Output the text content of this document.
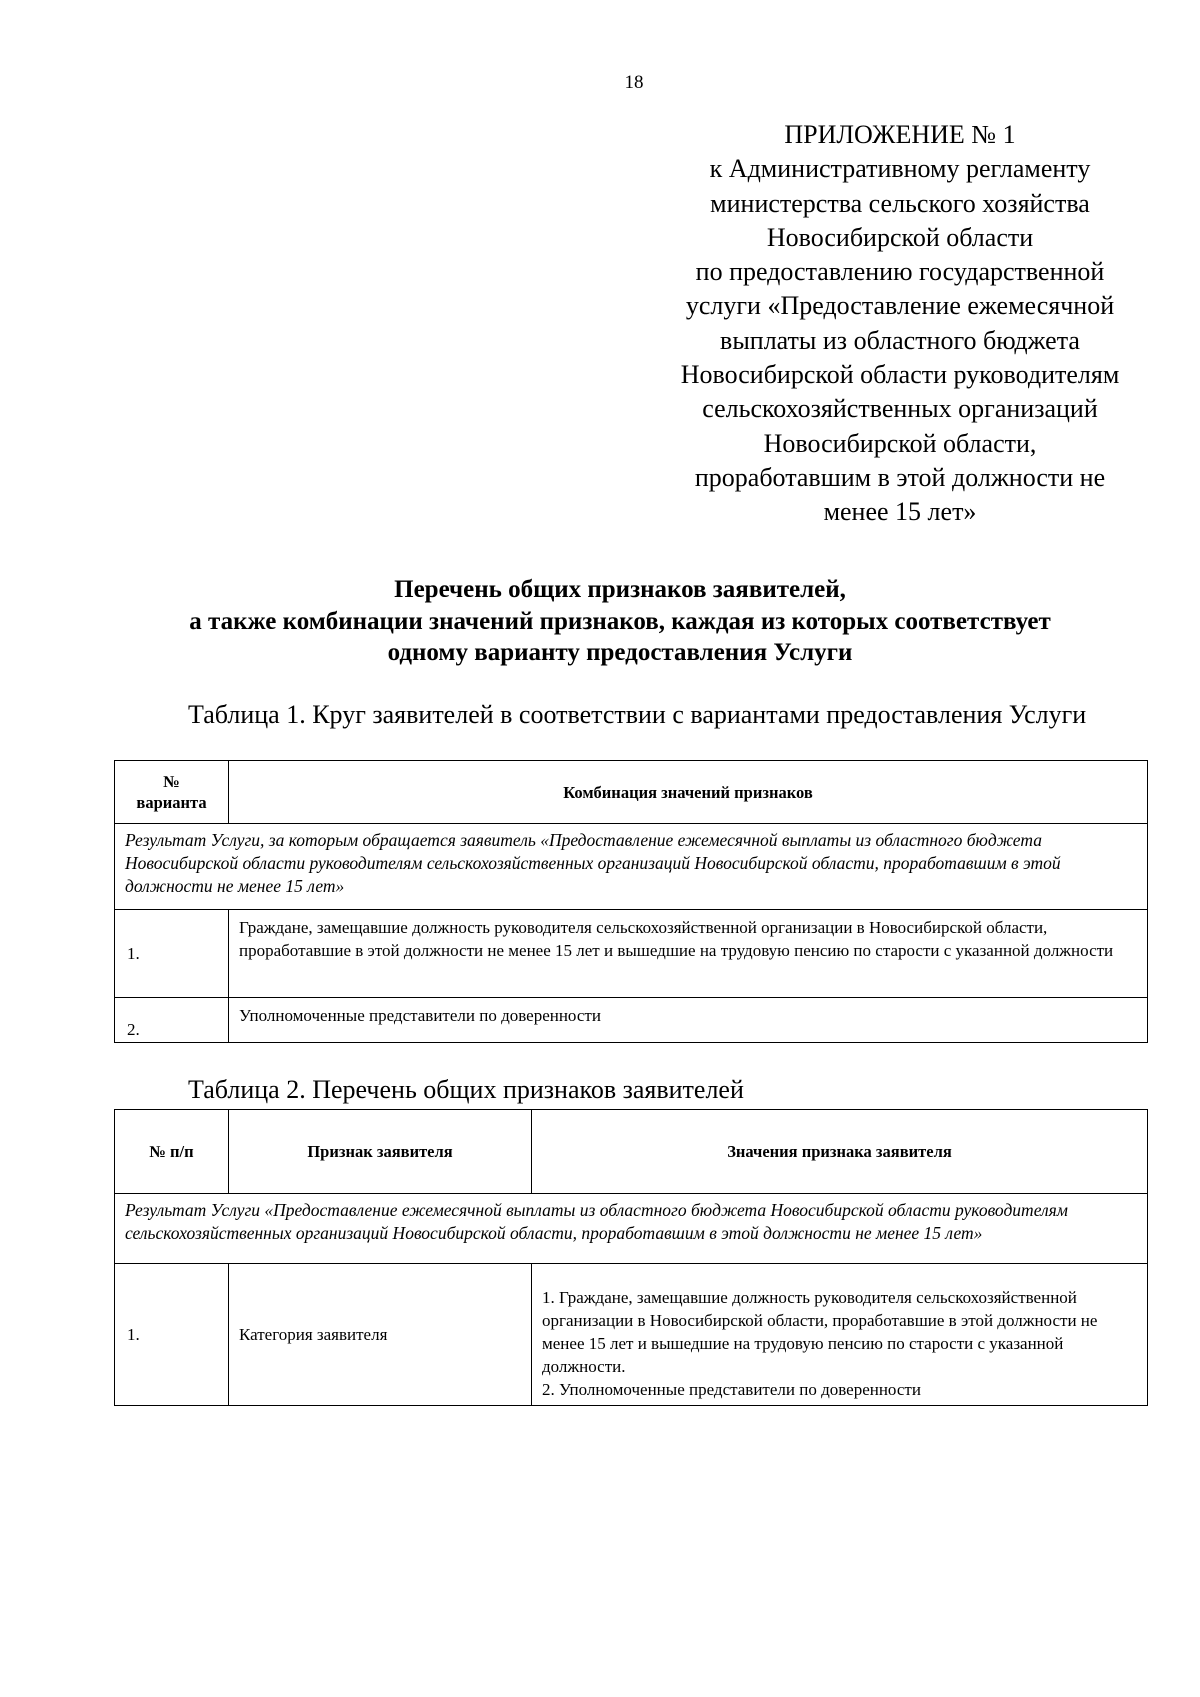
18
ПРИЛОЖЕНИЕ № 1
к Административному регламенту
министерства сельского хозяйства
Новосибирской области
по предоставлению государственной
услуги «Предоставление ежемесячной
выплаты из областного бюджета
Новосибирской области руководителям
сельскохозяйственных организаций
Новосибирской области,
проработавшим в этой должности не
менее 15 лет»
Перечень общих признаков заявителей,
а также комбинации значений признаков, каждая из которых соответствует
одному варианту предоставления Услуги
Таблица 1. Круг заявителей в соответствии с вариантами предоставления Услуги
№
варианта	Комбинация значений признаков
Результат Услуги, за которым обращается заявитель «Предоставление ежемесячной выплаты из областного бюджета Новосибирской области руководителям сельскохозяйственных организаций Новосибирской области, проработавшим в этой должности не менее 15 лет»	
1.	Граждане, замещавшие должность руководителя сельскохозяйственной организации в Новосибирской области, проработавшие в этой должности не менее 15 лет и вышедшие на трудовую пенсию по старости с указанной должности
2.	Уполномоченные представители по доверенности
Таблица 2. Перечень общих признаков заявителей
№ п/п	Признак заявителя	Значения признака заявителя
Результат Услуги «Предоставление ежемесячной выплаты из областного бюджета Новосибирской области руководителям сельскохозяйственных организаций Новосибирской области, проработавшим в этой должности не менее 15 лет»		
1.	Категория заявителя	1. Граждане, замещавшие должность руководителя сельскохозяйственной организации в Новосибирской области, проработавшие в этой должности не менее 15 лет и вышедшие на трудовую пенсию по старости с указанной должности.
2. Уполномоченные представители по доверенности
